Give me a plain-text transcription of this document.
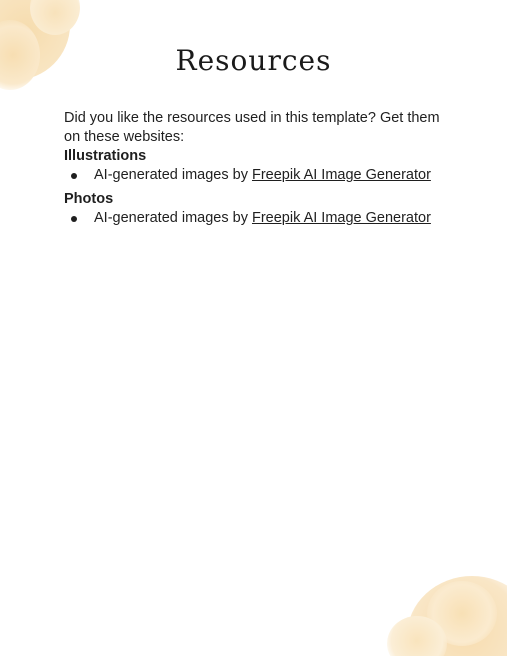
Resources

Did you like the resources used in this template? Get them on these websites:

Illustrations

AI-generated images by Freepik AI Image Generator

Photos

AI-generated images by Freepik AI Image Generator
